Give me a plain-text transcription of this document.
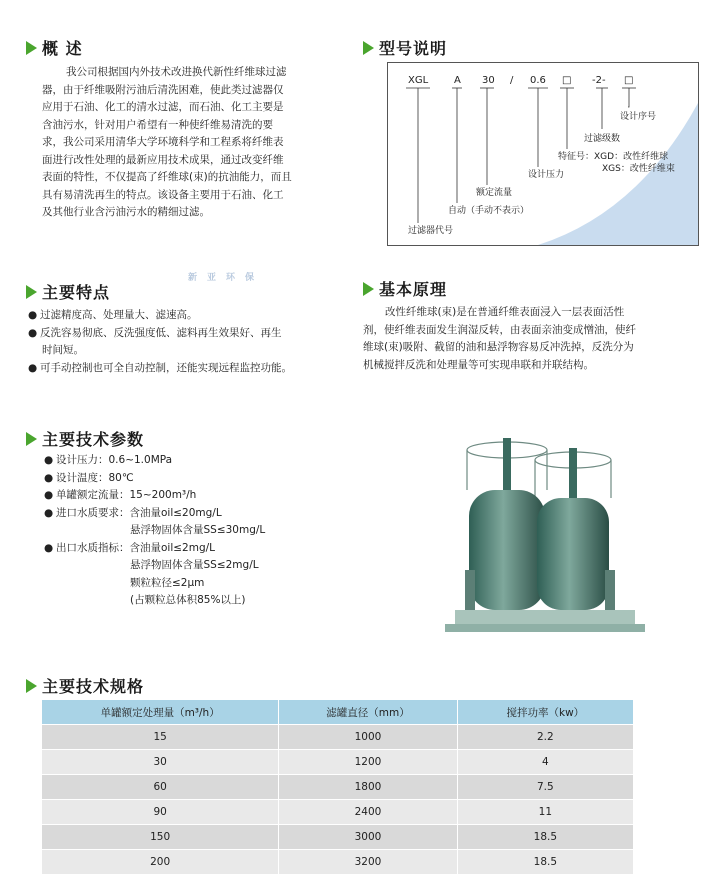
概 述
我公司根据国内外技术改进换代新性纤维球过滤
器，由于纤维吸附污油后清洗困难，使此类过滤器仅
应用于石油、化工的清水过滤，而石油、化工主要是
含油污水，针对用户希望有一种使纤维易清洗的要
求，我公司采用清华大学环境科学和工程系将纤维表
面进行改性处理的最新应用技术成果，通过改变纤维
表面的特性，不仅提高了纤维球(束)的抗油能力，而且
具有易清洗再生的特点。该设备主要用于石油、化工
及其他行业含污油污水的精细过滤。
新亚环保
型号说明
XGL	A 30 / 0.6 □ -2- □
设计序号
过滤级数
特征号：XGD：改性纤维球
XGS：改性纤维束
设计压力
额定流量
自动（手动不表示）
过滤器代号
主要特点
● 过滤精度高、处理量大、滤速高。
● 反洗容易彻底、反洗强度低、滤料再生效果好、再生
时间短。
● 可手动控制也可全自动控制，还能实现远程监控功能。
基本原理
改性纤维球(束)是在普通纤维表面浸入一层表面活性
剂，使纤维表面发生润湿反转，由表面亲油变成憎油，使纤
维球(束)吸附、截留的油和悬浮物容易反冲洗掉，反洗分为
机械搅拌反洗和处理量等可实现串联和并联结构。
主要技术参数
● 设计压力：0.6~1.0MPa
● 设计温度：80℃
● 单罐额定流量：15~200m³/h
● 进口水质要求：含油量oil≤20mg/L
悬浮物固体含量SS≤30mg/L
● 出口水质指标：含油量oil≤2mg/L
悬浮物固体含量SS≤2mg/L
颗粒粒径≤2μm
(占颗粒总体积85%以上)
主要技术规格
单罐额定处理量（m³/h）	滤罐直径（mm）	搅拌功率（kw）
15	1000	2.2
30	1200	4
60	1800	7.5
90	2400	11
150	3000	18.5
200	3200	18.5
